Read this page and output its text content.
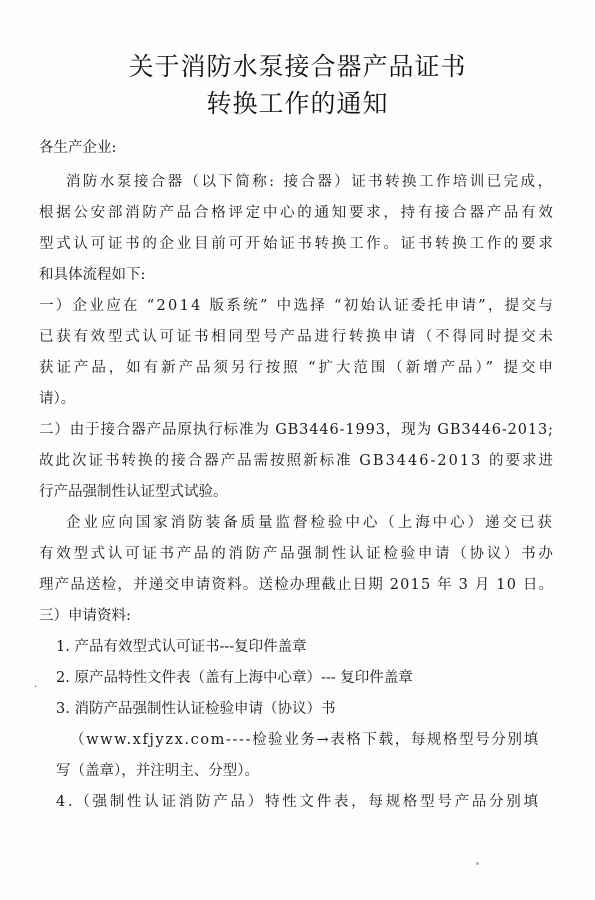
关于消防水泵接合器产品证书
转换工作的通知
各生产企业:
消防水泵接合器（以下简称: 接合器）证书转换工作培训已完成，
根据公安部消防产品合格评定中心的通知要求，持有接合器产品有效
型式认可证书的企业目前可开始证书转换工作。证书转换工作的要求
和具体流程如下:
一）企业应在 “2014 版系统” 中选择 “初始认证委托申请”，提交与
已获有效型式认可证书相同型号产品进行转换申请（不得同时提交未
获证产品，如有新产品须另行按照 “扩大范围（新增产品）” 提交申
请）。
二）由于接合器产品原执行标准为 GB3446-1993，现为 GB3446-2013;
故此次证书转换的接合器产品需按照新标准 GB3446-2013 的要求进
行产品强制性认证型式试验。
企业应向国家消防装备质量监督检验中心（上海中心）递交已获
有效型式认可证书产品的消防产品强制性认证检验申请（协议）书办
理产品送检，并递交申请资料。送检办理截止日期 2015 年 3 月 10 日。
三）申请资料:
·
1. 产品有效型式认可证书---复印件盖章
2. 原产品特性文件表（盖有上海中心章）--- 复印件盖章
3. 消防产品强制性认证检验申请（协议）书
（www.xfjyzx.com----检验业务→表格下载，每规格型号分别填
写（盖章），并注明主、分型）。
4.（强制性认证消防产品）特性文件表，每规格型号产品分别填
